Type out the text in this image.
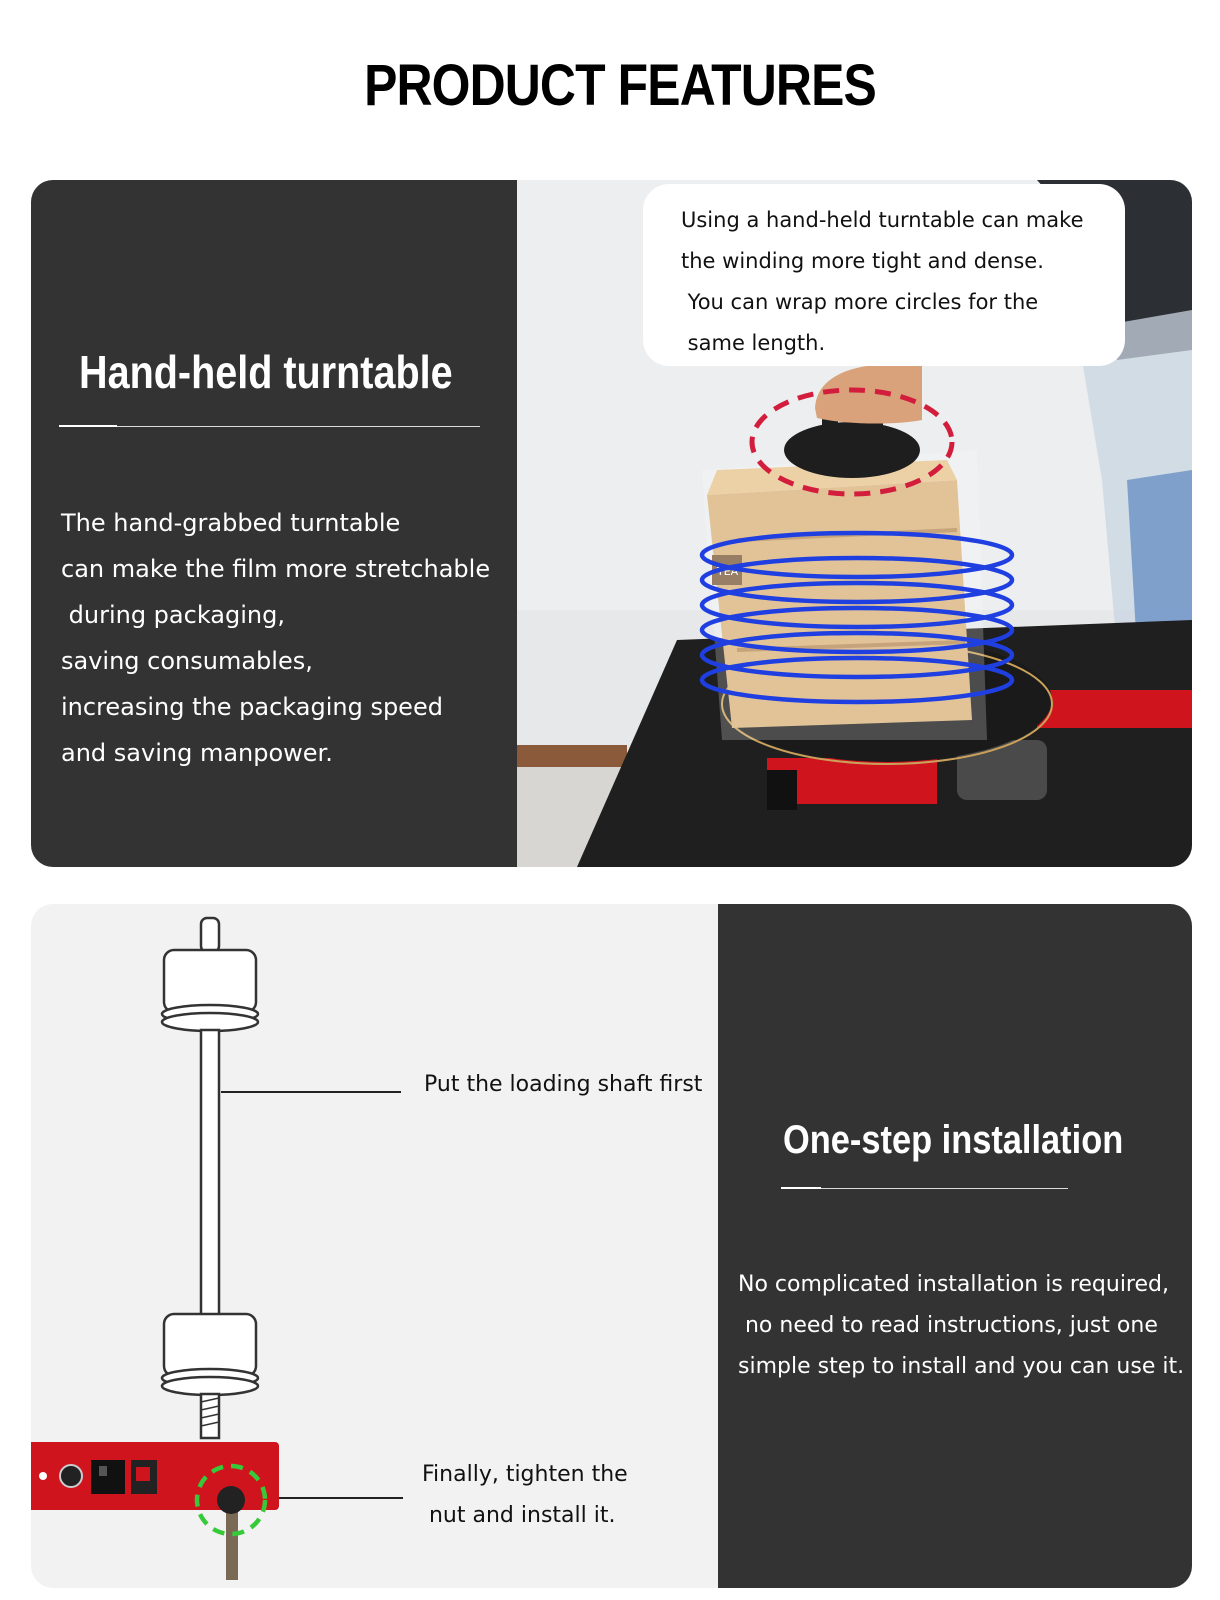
PRODUCT FEATURES
Hand-held turntable
The hand-grabbed turntable
can make the film more stretchable
during packaging,
saving consumables,
increasing the packaging speed
and saving manpower.
TEA
Using a hand-held turntable can make
the winding more tight and dense.
You can wrap more circles for the
same length.
Put the loading shaft first
Finally, tighten the
nut and install it.
One-step installation
No complicated installation is required,
no need to read instructions, just one
simple step to install and you can use it.
